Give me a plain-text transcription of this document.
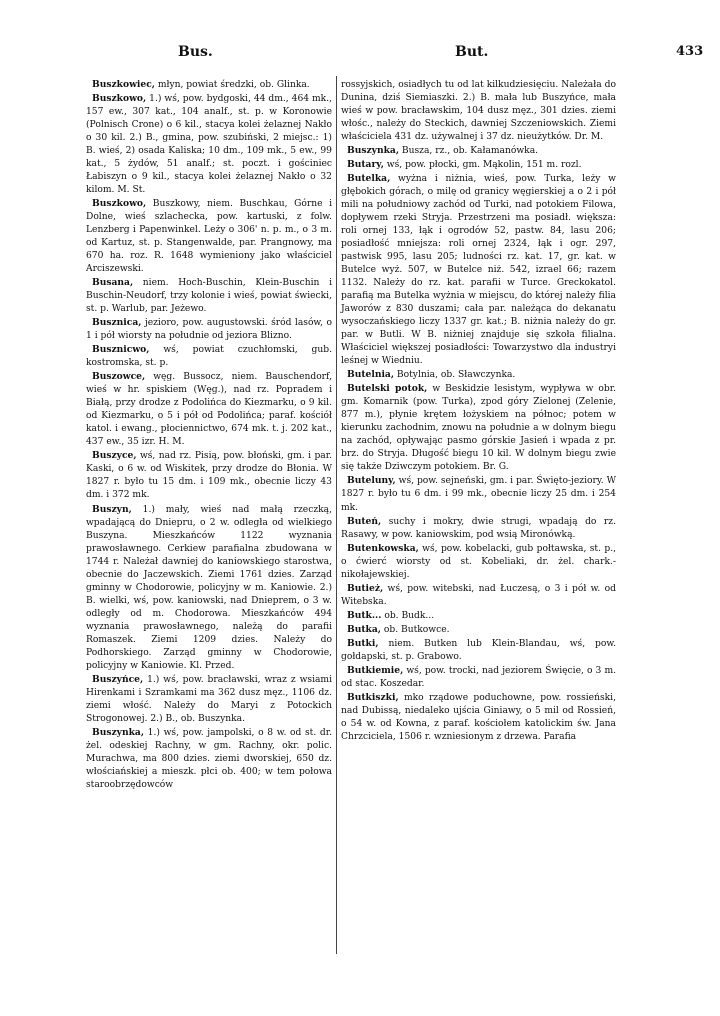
Bus.	But.	433

Buszkowiec, młyn, powiat średzki, ob. Glinka.

Buszkowo, 1.) wś, pow. bydgoski, 44 dm., 464 mk., 157 ew., 307 kat., 104 analf., st. p. w Koronowie (Polnisch Crone) o 6 kil., stacya kolei żelaznej Nakło o 30 kil. 2.) B., gmina, pow. szubiński, 2 miejsc.: 1) B. wieś, 2) osada Kaliska; 10 dm., 109 mk., 5 ew., 99 kat., 5 żydów, 51 analf.; st. poczt. i gościniec Łabiszyn o 9 kil., stacya kolei żelaznej Nakło o 32 kilom. M. St.

Buszkowo, Buszkowy, niem. Buschkau, Górne i Dolne, wieś szlachecka, pow. kartuski, z folw. Lenzberg i Papenwinkel. Leży o 306' n. p. m., o 3 m. od Kartuz, st. p. Stangenwalde, par. Prangnowy, ma 670 ha. roz. R. 1648 wymieniony jako właściciel Arciszewski.

Busana, niem. Hoch-Buschin, Klein-Buschin i Buschin-Neudorf, trzy kolonie i wieś, powiat świecki, st. p. Warlub, par. Jeżewo.

Busznica, jezioro, pow. augustowski. śród lasów, o 1 i pół wiorsty na południe od jeziora Blizno.

Busznicwo, wś, powiat czuchłomski, gub. kostromska, st. p.

Buszowce, węg. Bussocz, niem. Bauschendorf, wieś w hr. spiskiem (Węg.), nad rz. Popradem i Białą, przy drodze z Podolińca do Kiezmarku, o 9 kil. od Kiezmarku, o 5 i pół od Podolińca; paraf. kościół katol. i ewang., płociennictwo, 674 mk. t. j. 202 kat., 437 ew., 35 izr. H. M.

Buszyce, wś, nad rz. Pisią, pow. błoński, gm. i par. Kaski, o 6 w. od Wiskitek, przy drodze do Błonia. W 1827 r. było tu 15 dm. i 109 mk., obecnie liczy 43 dm. i 372 mk.

Buszyn, 1.) mały, wieś nad małą rzeczką, wpadającą do Dniepru, o 2 w. odległa od wielkiego Buszyna. Mieszkańców 1122 wyznania prawosławnego. Cerkiew parafialna zbudowana w 1744 r. Należał dawniej do kaniowskiego starostwa, obecnie do Jaczewskich. Ziemi 1761 dzies. Zarząd gminny w Chodorowie, policyjny w m. Kaniowie. 2.) B. wielki, wś, pow. kaniowski, nad Dnieprem, o 3 w. odległy od m. Chodorowa. Mieszkańców 494 wyznania prawosławnego, należą do parafii Romaszek. Ziemi 1209 dzies. Należy do Podhorskiego. Zarząd gminny w Chodorowie, policyjny w Kaniowie. Kl. Przed.

Buszyńce, 1.) wś, pow. bracławski, wraz z wsiami Hirenkami i Szramkami ma 362 dusz męz., 1106 dz. ziemi włość. Należy do Maryi z Potockich Strogonowej. 2.) B., ob. Buszynka.

Buszynka, 1.) wś, pow. jampolski, o 8 w. od st. dr. żel. odeskiej Rachny, w gm. Rachny, okr. polic. Murachwa, ma 800 dzies. ziemi dworskiej, 650 dz. włościańskiej a mieszk. płci ob. 400; w tem połowa staroobrzędowców

rossyjskich, osiadłych tu od lat kilkudziesięciu. Należała do Dunina, dziś Siemiaszki. 2.) B. mała lub Buszyńce, mała wieś w pow. bracławskim, 104 dusz męz., 301 dzies. ziemi włośc., należy do Steckich, dawniej Szczeniowskich. Ziemi właściciela 431 dz. używalnej i 37 dz. nieużytków. Dr. M.

Buszynka, Busza, rz., ob. Kałamanówka.

Butary, wś, pow. płocki, gm. Mąkolin, 151 m. rozl.

Butelka, wyżna i niżnia, wieś, pow. Turka, leży w głębokich górach, o milę od granicy węgierskiej a o 2 i pół mili na południowy zachód od Turki, nad potokiem Filowa, dopływem rzeki Stryja. Przestrzeni ma posiadł. większa: roli ornej 133, łąk i ogrodów 52, pastw. 84, lasu 206; posiadłość mniejsza: roli ornej 2324, łąk i ogr. 297, pastwisk 995, lasu 205; ludności rz. kat. 17, gr. kat. w Butelce wyż. 507, w Butelce niż. 542, izrael 66; razem 1132. Należy do rz. kat. parafii w Turce. Greckokatol. parafią ma Butelka wyżnia w miejscu, do której należy filia Jaworów z 830 duszami; cała par. należąca do dekanatu wysoczańskiego liczy 1337 gr. kat.; B. niżnia należy do gr. par. w Butli. W B. niżniej znajduje się szkoła filialna. Właściciel większej posiadłości: Towarzystwo dla industryi leśnej w Wiedniu.

Butelnia, Botylnia, ob. Sławczynka.

Butelski potok, w Beskidzie lesistym, wypływa w obr. gm. Komarnik (pow. Turka), zpod góry Zielonej (Zelenie, 877 m.), płynie krętem łożyskiem na północ; potem w kierunku zachodnim, znowu na południe a w dolnym biegu na zachód, opływając pasmo górskie Jasień i wpada z pr. brz. do Stryja. Długość biegu 10 kil. W dolnym biegu zwie się także Dziwczym potokiem. Br. G.

Buteluny, wś, pow. sejneński, gm. i par. Święto-jeziory. W 1827 r. było tu 6 dm. i 99 mk., obecnie liczy 25 dm. i 254 mk.

Buteń, suchy i mokry, dwie strugi, wpadają do rz. Rasawy, w pow. kaniowskim, pod wsią Mironówką.

Butenkowska, wś, pow. kobelacki, gub połtawska, st. p., o ćwierć wiorsty od st. Kobeliaki, dr. żel. chark.-nikołajewskiej.

Butież, wś, pow. witebski, nad Łuczesą, o 3 i pół w. od Witebska.

Butk... ob. Budk...

Butka, ob. Butkowce.

Butki, niem. Butken lub Klein-Blandau, wś, pow. gołdapski, st. p. Grabowo.

Butkiemie, wś, pow. trocki, nad jeziorem Święcie, o 3 m. od stac. Koszedar.

Butkiszki, mko rządowe poduchowne, pow. rossieński, nad Dubissą, niedaleko ujścia Giniawy, o 5 mil od Rossień, o 54 w. od Kowna, z paraf. kościołem katolickim św. Jana Chrzciciela, 1506 r. wzniesionym z drzewa. Parafia
